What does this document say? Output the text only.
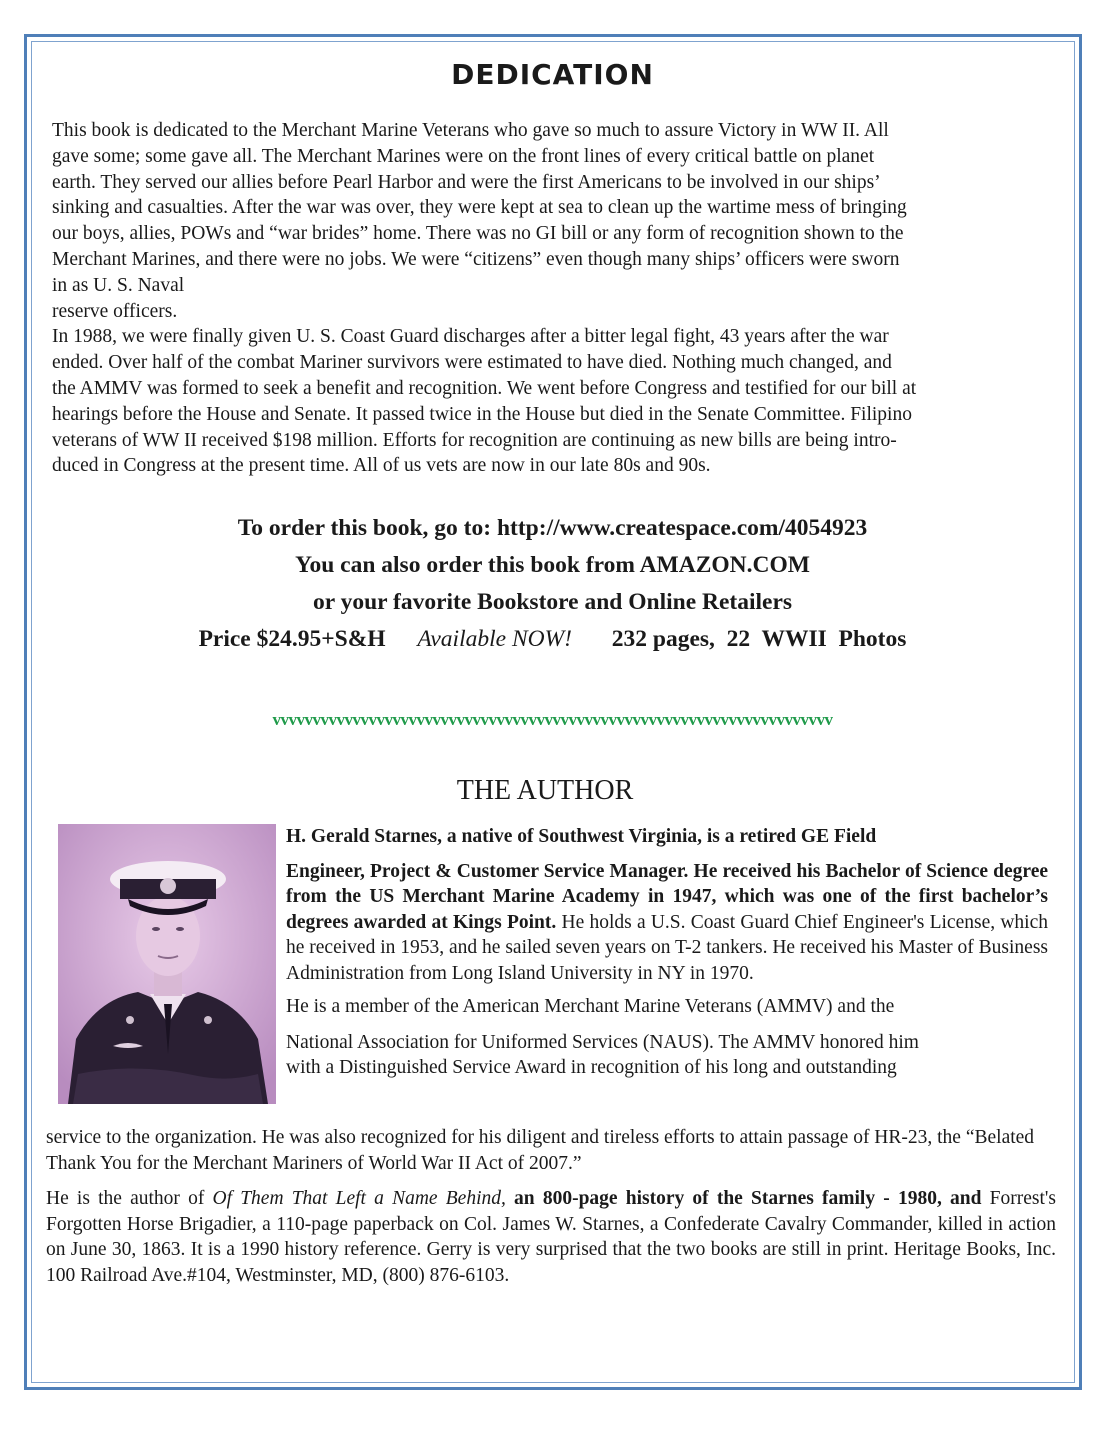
DEDICATION

This book is dedicated to the Merchant Marine Veterans who gave so much to assure Victory in WW II. All

gave some; some gave all. The Merchant Marines were on the front lines of every critical battle on planet

earth. They served our allies before Pearl Harbor and were the first Americans to be involved in our ships’

sinking and casualties. After the war was over, they were kept at sea to clean up the wartime mess of bringing

our boys, allies, POWs and “war brides” home. There was no GI bill or any form of recognition shown to the

Merchant Marines, and there were no jobs. We were “citizens” even though many ships’ officers were sworn

in as U. S. Naval

reserve officers.

In 1988, we were finally given U. S. Coast Guard discharges after a bitter legal fight, 43 years after the war

ended. Over half of the combat Mariner survivors were estimated to have died. Nothing much changed, and

the AMMV was formed to seek a benefit and recognition. We went before Congress and testified for our bill at

hearings before the House and Senate. It passed twice in the House but died in the Senate Committee. Filipino

veterans of WW II received $198 million. Efforts for recognition are continuing as new bills are being intro-

duced in Congress at the present time. All of us vets are now in our late 80s and 90s.

To order this book, go to: http://www.createspace.com/4054923
You can also order this book from AMAZON.COM
or your favorite Bookstore and Online Retailers
Price $24.95+S&H Available NOW! 232 pages,  22  WWII  Photos
vvvvvvvvvvvvvvvvvvvvvvvvvvvvvvvvvvvvvvvvvvvvvvvvvvvvvvvvvvvvvvvvvvvvvv
THE AUTHOR

H. Gerald Starnes, a native of Southwest Virginia, is a retired GE Field

Engineer, Project & Customer Service Manager. He received his Bachelor of Science degree from the US Merchant Marine Academy in 1947, which was one of the first bachelor’s degrees awarded at Kings Point. He holds a U.S. Coast Guard Chief Engineer's License, which he received in 1953, and he sailed seven years on T-2 tankers. He received his Master of Business Administration from Long Island University in NY in 1970.

He is a member of the American Merchant Marine Veterans (AMMV) and the

National Association for Uniformed Services (NAUS). The AMMV honored him

with a Distinguished Service Award in recognition of his long and outstanding

service to the organization. He was also recognized for his diligent and tireless efforts to attain passage of HR-23, the “Belated Thank You for the Merchant Mariners of World War II Act of 2007.”

He is the author of Of Them That Left a Name Behind, an 800-page history of the Starnes family - 1980, and Forrest's Forgotten Horse Brigadier, a 110-page paperback on Col. James W. Starnes, a Confederate Cavalry Commander, killed in action on June 30, 1863. It is a 1990 history reference. Gerry is very surprised that the two books are still in print. Heritage Books, Inc. 100 Railroad Ave.#104, Westminster, MD, (800) 876-6103.
